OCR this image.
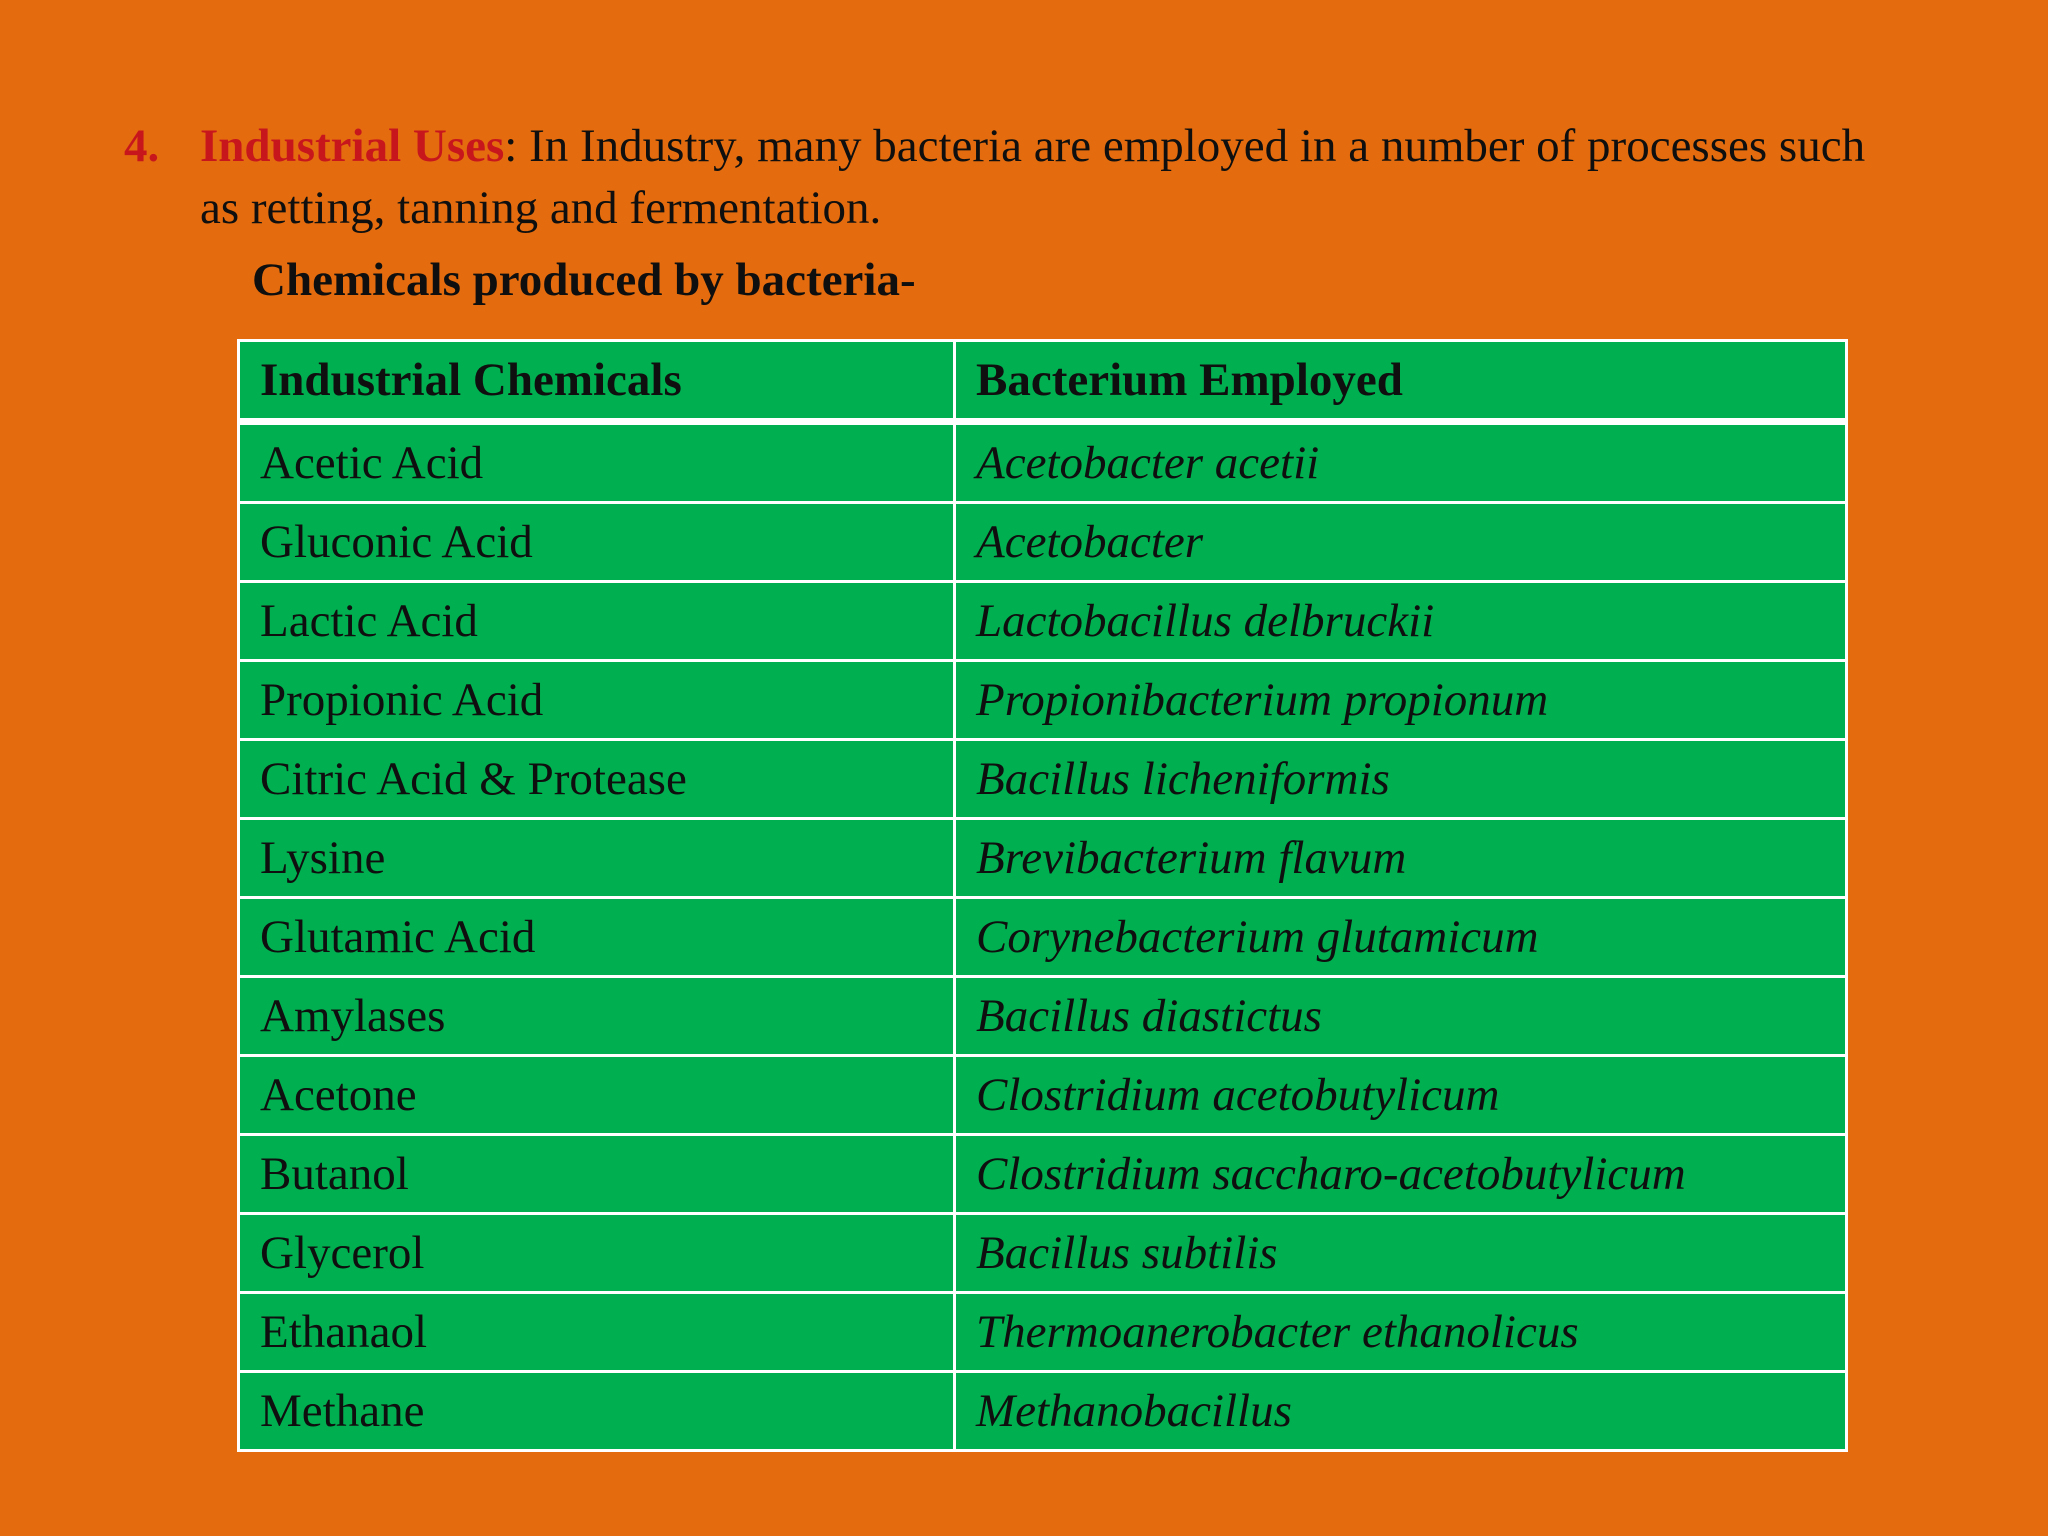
4. Industrial Uses: In Industry, many bacteria are employed in a number of processes such as retting, tanning and fermentation.
Chemicals produced by bacteria-
Industrial Chemicals	Bacterium Employed
Acetic Acid	Acetobacter acetii
Gluconic Acid	Acetobacter
Lactic Acid	Lactobacillus delbruckii
Propionic Acid	Propionibacterium propionum
Citric Acid & Protease	Bacillus licheniformis
Lysine	Brevibacterium flavum
Glutamic Acid	Corynebacterium glutamicum
Amylases	Bacillus diastictus
Acetone	Clostridium acetobutylicum
Butanol	Clostridium saccharo-acetobutylicum
Glycerol	Bacillus subtilis
Ethanaol	Thermoanerobacter ethanolicus
Methane	Methanobacillus
